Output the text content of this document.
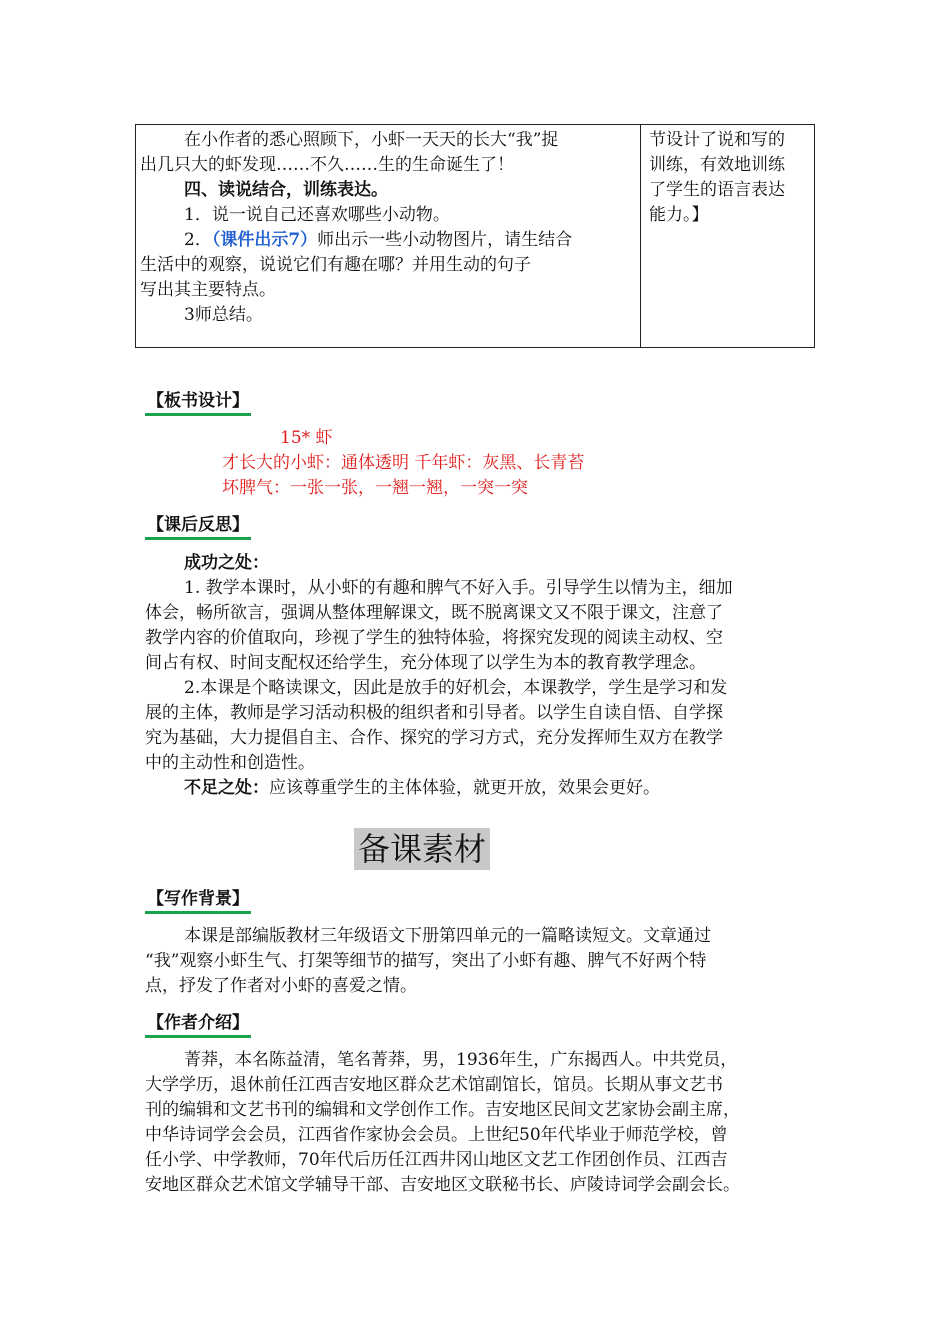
在小作者的悉心照顾下，小虾一天天的长大“我”捉
出几只大的虾发现……不久……生的生命诞生了！
四、读说结合，训练表达。
1．说一说自己还喜欢哪些小动物。
2．（课件出示7）师出示一些小动物图片，请生结合
生活中的观察，说说它们有趣在哪？并用生动的句子
写出其主要特点。
3师总结。
节设计了说和写的
训练，有效地训练
了学生的语言表达
能力。】
【板书设计】
15* 虾
才长大的小虾：通体透明 千年虾：灰黑、长青苔
坏脾气：一张一张，一翘一翘，一突一突
【课后反思】
成功之处：
1. 教学本课时，从小虾的有趣和脾气不好入手。引导学生以情为主，细加
体会，畅所欲言，强调从整体理解课文，既不脱离课文又不限于课文，注意了
教学内容的价值取向，珍视了学生的独特体验，将探究发现的阅读主动权、空
间占有权、时间支配权还给学生，充分体现了以学生为本的教育教学理念。
2.本课是个略读课文，因此是放手的好机会，本课教学，学生是学习和发
展的主体，教师是学习活动积极的组织者和引导者。以学生自读自悟、自学探
究为基础，大力提倡自主、合作、探究的学习方式，充分发挥师生双方在教学
中的主动性和创造性。
不足之处：应该尊重学生的主体体验，就更开放，效果会更好。
备课素材
【写作背景】
本课是部编版教材三年级语文下册第四单元的一篇略读短文。文章通过
“我”观察小虾生气、打架等细节的描写，突出了小虾有趣、脾气不好两个特
点，抒发了作者对小虾的喜爱之情。
【作者介绍】
菁莽，本名陈益清，笔名菁莽，男，1936年生，广东揭西人。中共党员，
大学学历，退休前任江西吉安地区群众艺术馆副馆长，馆员。长期从事文艺书
刊的编辑和文艺书刊的编辑和文学创作工作。吉安地区民间文艺家协会副主席，
中华诗词学会会员，江西省作家协会会员。上世纪50年代毕业于师范学校，曾
任小学、中学教师，70年代后历任江西井冈山地区文艺工作团创作员、江西吉
安地区群众艺术馆文学辅导干部、吉安地区文联秘书长、庐陵诗词学会副会长。
